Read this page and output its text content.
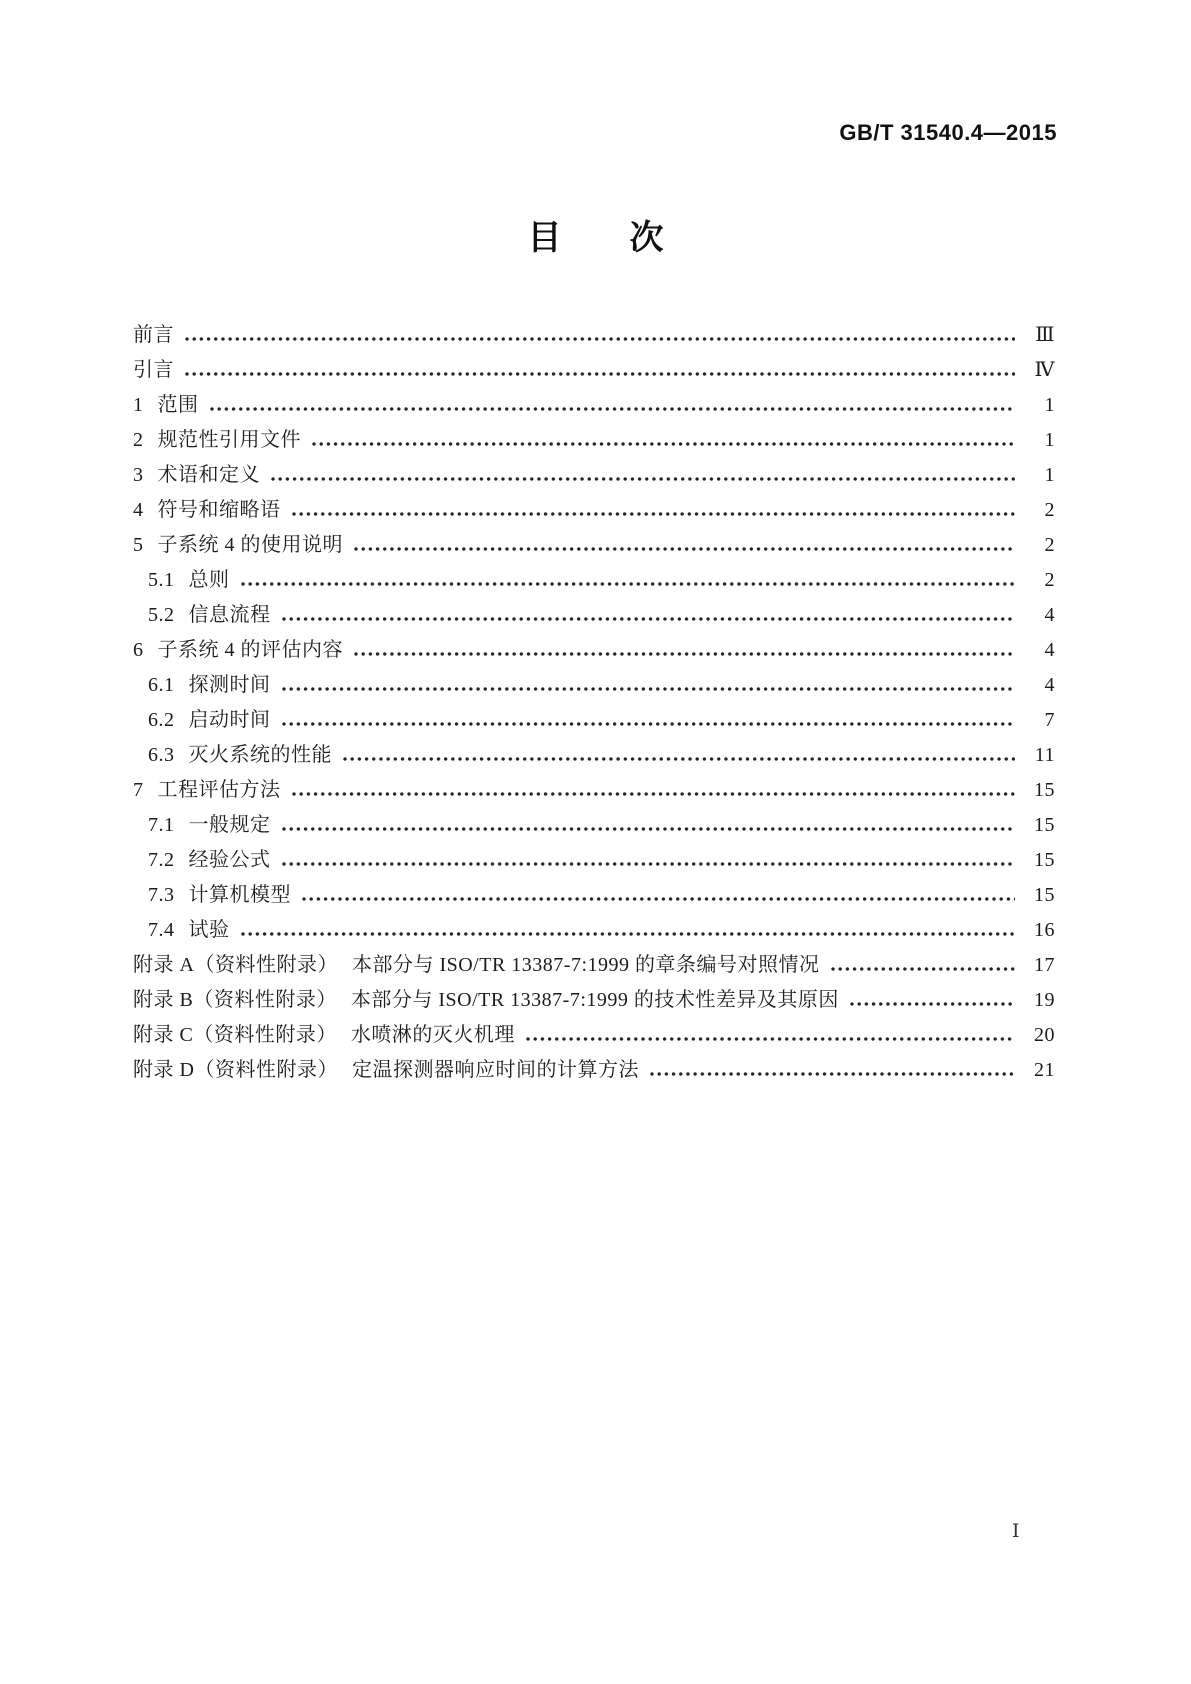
GB/T 31540.4—2015
目　　次
前言	Ⅲ
引言	Ⅳ
1 范围	1
2 规范性引用文件	1
3 术语和定义	1
4 符号和缩略语	2
5 子系统 4 的使用说明	2
5.1 总则	2
5.2 信息流程	4
6 子系统 4 的评估内容	4
6.1 探测时间	4
6.2 启动时间	7
6.3 灭火系统的性能	11
7 工程评估方法	15
7.1 一般规定	15
7.2 经验公式	15
7.3 计算机模型	15
7.4 试验	16
附录 A（资料性附录） 本部分与 ISO/TR 13387-7:1999 的章条编号对照情况	17
附录 B（资料性附录） 本部分与 ISO/TR 13387-7:1999 的技术性差异及其原因	19
附录 C（资料性附录） 水喷淋的灭火机理	20
附录 D（资料性附录） 定温探测器响应时间的计算方法	21
Ⅰ
